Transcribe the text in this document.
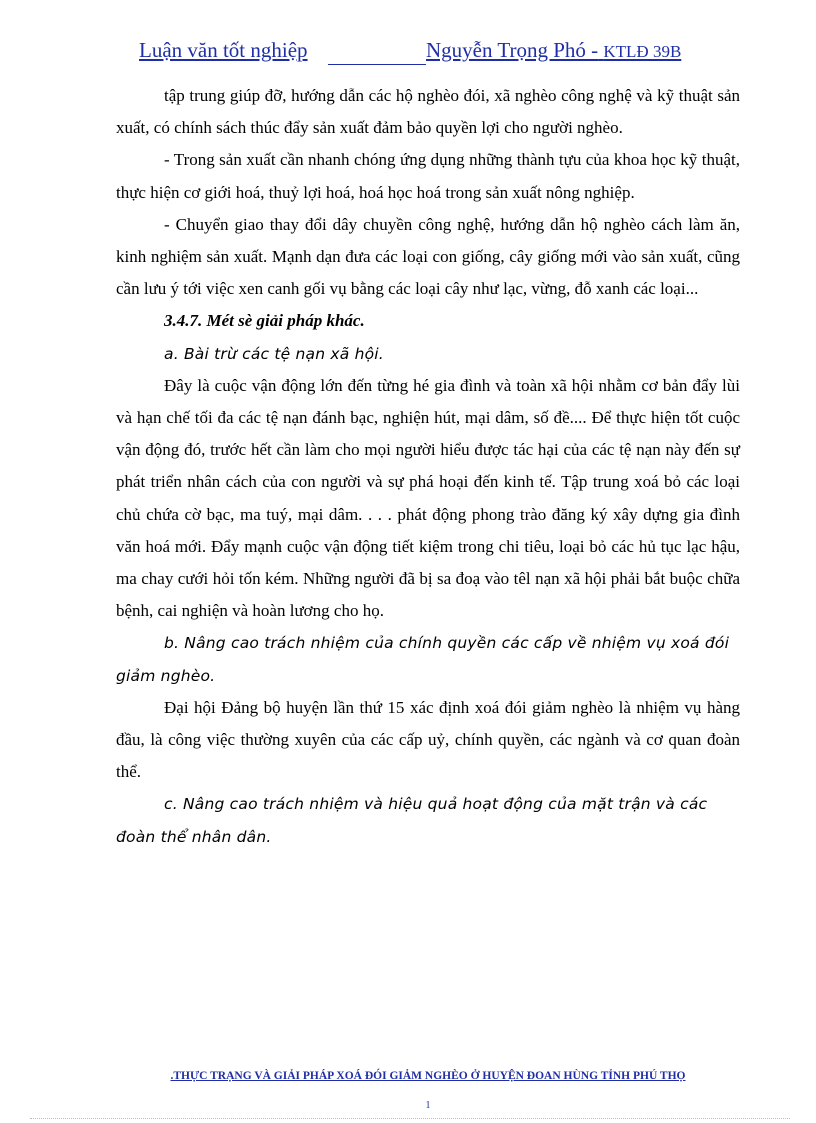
Luận văn tốt nghiệp	Nguyễn Trọng Phó - KTLĐ 39B

tập trung giúp đỡ, hướng dẫn các hộ nghèo đói, xã nghèo công nghệ và kỹ thuật sản xuất, có chính sách thúc đẩy sản xuất đảm bảo quyền lợi cho người nghèo.

- Trong sản xuất cần nhanh chóng ứng dụng những thành tựu của khoa học kỹ thuật, thực hiện cơ giới hoá, thuỷ lợi hoá, hoá học hoá trong sản xuất nông nghiệp.

- Chuyển giao thay đổi dây chuyền công nghệ, hướng dẫn hộ nghèo cách làm ăn, kinh nghiệm sản xuất. Mạnh dạn đưa các loại con giống, cây giống mới vào sản xuất, cũng cần lưu ý tới việc xen canh gối vụ bằng các loại cây như lạc, vừng, đỗ xanh các loại...

3.4.7. Mét sè giải pháp khác.

a. Bài trừ các tệ nạn xã hội.

Đây là cuộc vận động lớn đến từng hé gia đình và toàn xã hội nhằm cơ bản đẩy lùi và hạn chế tối đa các tệ nạn đánh bạc, nghiện hút, mại dâm, số đề.... Để thực hiện tốt cuộc vận động đó, trước hết cần làm cho mọi người hiểu được tác hại của các tệ nạn này đến sự phát triển nhân cách của con người và sự phá hoại đến kinh tế. Tập trung xoá bỏ các loại chủ chứa cờ bạc, ma tuý, mại dâm. . . . phát động phong trào đăng ký xây dựng gia đình văn hoá mới. Đẩy mạnh cuộc vận động tiết kiệm trong chi tiêu, loại bỏ các hủ tục lạc hậu, ma chay cưới hỏi tốn kém. Những người đã bị sa đoạ vào têl nạn xã hội phải bắt buộc chữa bệnh, cai nghiện và hoàn lương cho họ.

b. Nâng cao trách nhiệm của chính quyền các cấp về nhiệm vụ xoá đói giảm nghèo.

Đại hội Đảng bộ huyện lần thứ 15 xác định xoá đói giảm nghèo là nhiệm vụ hàng đầu, là công việc thường xuyên của các cấp uỷ, chính quyền, các ngành và cơ quan đoàn thể.

c. Nâng cao trách nhiệm và hiệu quả hoạt động của mặt trận và các đoàn thể nhân dân.

.THỰC TRẠNG VÀ GIẢI PHÁP XOÁ ĐÓI GIẢM NGHÈO Ở HUYỆN ĐOAN HÙNG TỈNH PHÚ THỌ
1
